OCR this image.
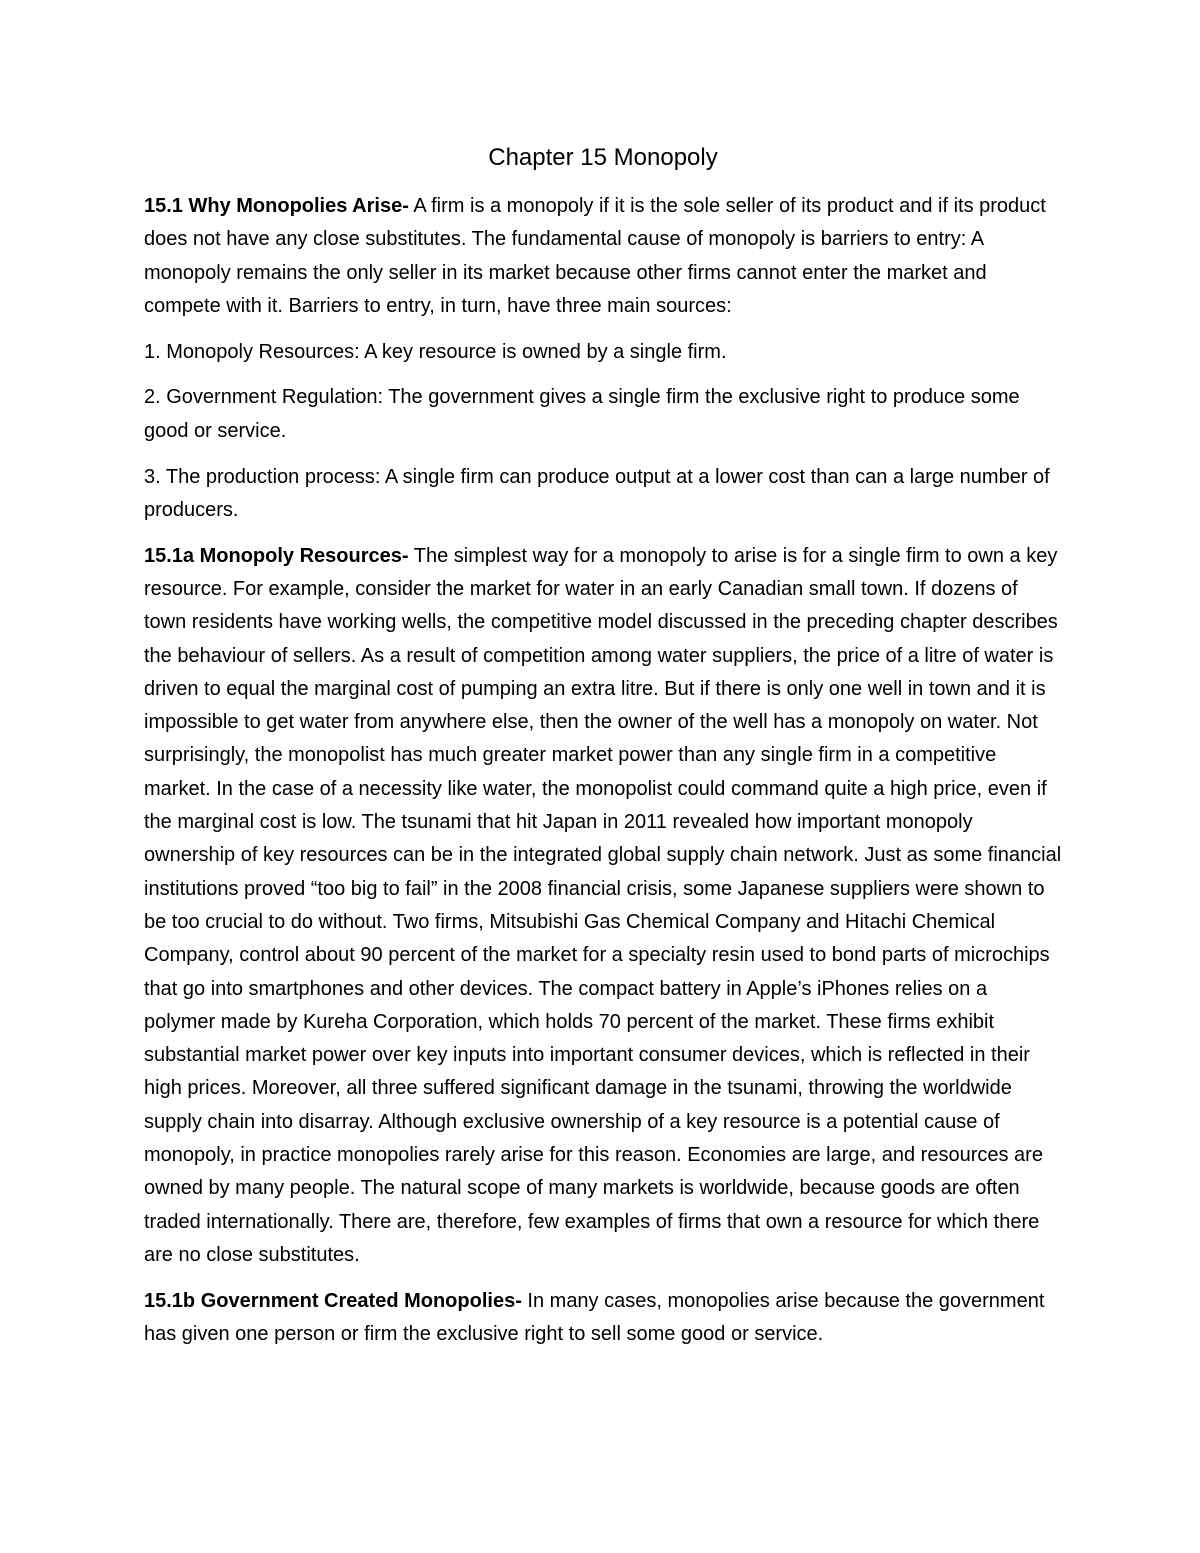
Chapter 15 Monopoly

15.1 Why Monopolies Arise- A firm is a monopoly if it is the sole seller of its product and if its product does not have any close substitutes. The fundamental cause of monopoly is barriers to entry: A monopoly remains the only seller in its market because other firms cannot enter the market and compete with it. Barriers to entry, in turn, have three main sources:

1. Monopoly Resources: A key resource is owned by a single firm.

2. Government Regulation: The government gives a single firm the exclusive right to produce some good or service.

3. The production process: A single firm can produce output at a lower cost than can a large number of producers.

15.1a Monopoly Resources- The simplest way for a monopoly to arise is for a single firm to own a key resource. For example, consider the market for water in an early Canadian small town. If dozens of town residents have working wells, the competitive model discussed in the preceding chapter describes the behaviour of sellers. As a result of competition among water suppliers, the price of a litre of water is driven to equal the marginal cost of pumping an extra litre. But if there is only one well in town and it is impossible to get water from anywhere else, then the owner of the well has a monopoly on water. Not surprisingly, the monopolist has much greater market power than any single firm in a competitive market. In the case of a necessity like water, the monopolist could command quite a high price, even if the marginal cost is low. The tsunami that hit Japan in 2011 revealed how important monopoly ownership of key resources can be in the integrated global supply chain network. Just as some financial institutions proved “too big to fail” in the 2008 financial crisis, some Japanese suppliers were shown to be too crucial to do without. Two firms, Mitsubishi Gas Chemical Company and Hitachi Chemical Company, control about 90 percent of the market for a specialty resin used to bond parts of microchips that go into smartphones and other devices. The compact battery in Apple’s iPhones relies on a polymer made by Kureha Corporation, which holds 70 percent of the market. These firms exhibit substantial market power over key inputs into important consumer devices, which is reflected in their high prices. Moreover, all three suffered significant damage in the tsunami, throwing the worldwide supply chain into disarray. Although exclusive ownership of a key resource is a potential cause of monopoly, in practice monopolies rarely arise for this reason. Economies are large, and resources are owned by many people. The natural scope of many markets is worldwide, because goods are often traded internationally. There are, therefore, few examples of firms that own a resource for which there are no close substitutes.

15.1b Government Created Monopolies- In many cases, monopolies arise because the government has given one person or firm the exclusive right to sell some good or service.
